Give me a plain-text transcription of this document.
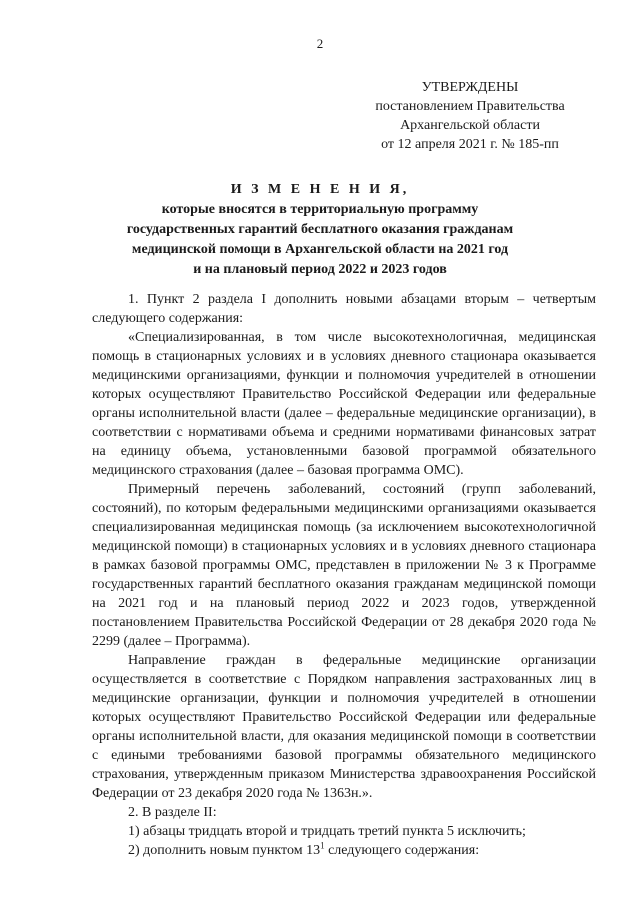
2
УТВЕРЖДЕНЫ
постановлением Правительства
Архангельской области
от 12 апреля 2021 г. № 185-пп
И З М Е Н Е Н И Я,
которые вносятся в территориальную программу
государственных гарантий бесплатного оказания гражданам
медицинской помощи в Архангельской области на 2021 год
и на плановый период 2022 и 2023 годов

1. Пункт 2 раздела I дополнить новыми абзацами вторым – четвертым следующего содержания:

«Специализированная, в том числе высокотехнологичная, медицинская помощь в стационарных условиях и в условиях дневного стационара оказывается медицинскими организациями, функции и полномочия учредителей в отношении которых осуществляют Правительство Российской Федерации или федеральные органы исполнительной власти (далее – федеральные медицинские организации), в соответствии с нормативами объема и средними нормативами финансовых затрат на единицу объема, установленными базовой программой обязательного медицинского страхования (далее – базовая программа ОМС).

Примерный перечень заболеваний, состояний (групп заболеваний, состояний), по которым федеральными медицинскими организациями оказывается специализированная медицинская помощь (за исключением высокотехнологичной медицинской помощи) в стационарных условиях и в условиях дневного стационара в рамках базовой программы ОМС, представлен в приложении № 3 к Программе государственных гарантий бесплатного оказания гражданам медицинской помощи на 2021 год и на плановый период 2022 и 2023 годов, утвержденной постановлением Правительства Российской Федерации от 28 декабря 2020 года № 2299 (далее – Программа).

Направление граждан в федеральные медицинские организации осуществляется в соответствие с Порядком направления застрахованных лиц в медицинские организации, функции и полномочия учредителей в отношении которых осуществляют Правительство Российской Федерации или федеральные органы исполнительной власти, для оказания медицинской помощи в соответствии с едиными требованиями базовой программы обязательного медицинского страхования, утвержденным приказом Министерства здравоохранения Российской Федерации от 23 декабря 2020 года № 1363н.».

2. В разделе II:

1) абзацы тридцать второй и тридцать третий пункта 5 исключить;

2) дополнить новым пунктом $13^1$ следующего содержания:
